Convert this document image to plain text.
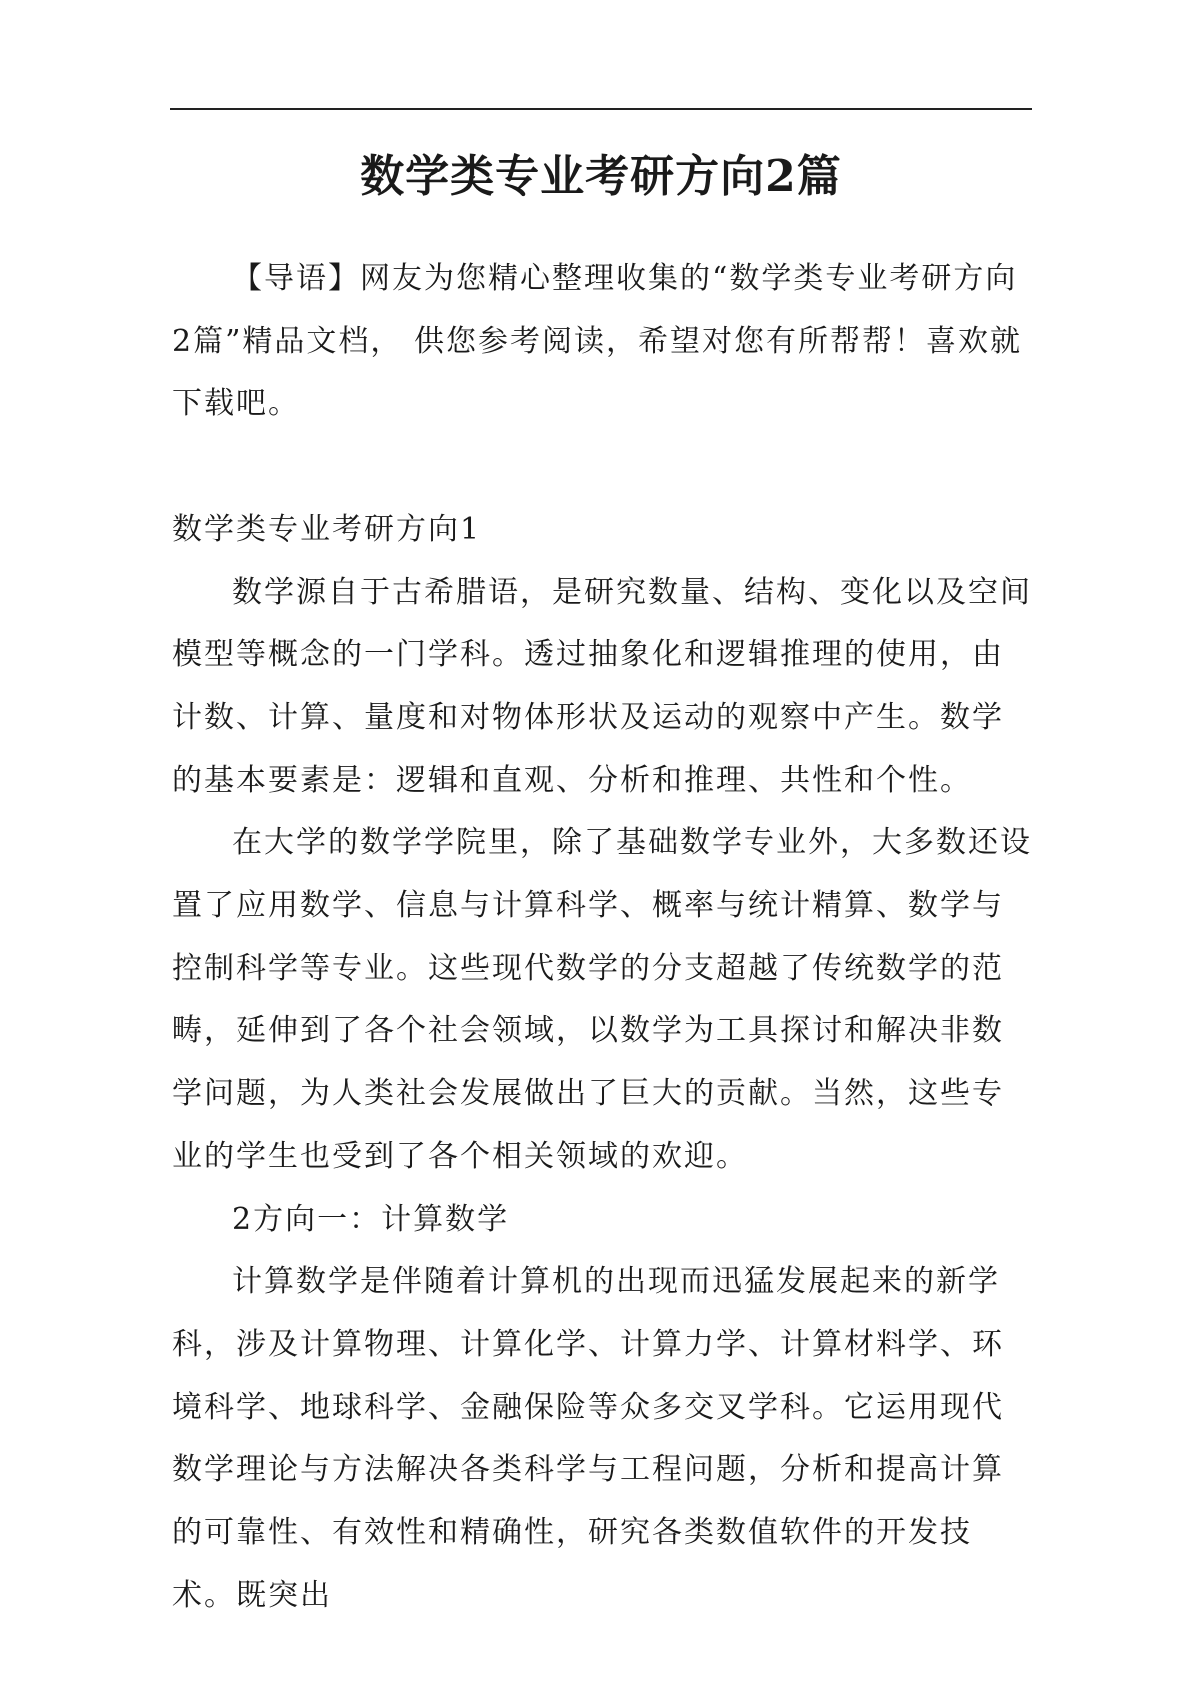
数学类专业考研方向2篇

【导语】网友为您精心整理收集的“数学类专业考研方向2篇”精品文档， 供您参考阅读，希望对您有所帮帮！喜欢就下载吧。

数学类专业考研方向1

数学源自于古希腊语，是研究数量、结构、变化以及空间模型等概念的一门学科。透过抽象化和逻辑推理的使用，由计数、计算、量度和对物体形状及运动的观察中产生。数学的基本要素是：逻辑和直观、分析和推理、共性和个性。

在大学的数学学院里，除了基础数学专业外，大多数还设置了应用数学、信息与计算科学、概率与统计精算、数学与控制科学等专业。这些现代数学的分支超越了传统数学的范畴，延伸到了各个社会领域，以数学为工具探讨和解决非数学问题，为人类社会发展做出了巨大的贡献。当然，这些专业的学生也受到了各个相关领域的欢迎。

2方向一：计算数学

计算数学是伴随着计算机的出现而迅猛发展起来的新学科，涉及计算物理、计算化学、计算力学、计算材料学、环境科学、地球科学、金融保险等众多交叉学科。它运用现代数学理论与方法解决各类科学与工程问题，分析和提高计算的可靠性、有效性和精确性，研究各类数值软件的开发技术。既突出
